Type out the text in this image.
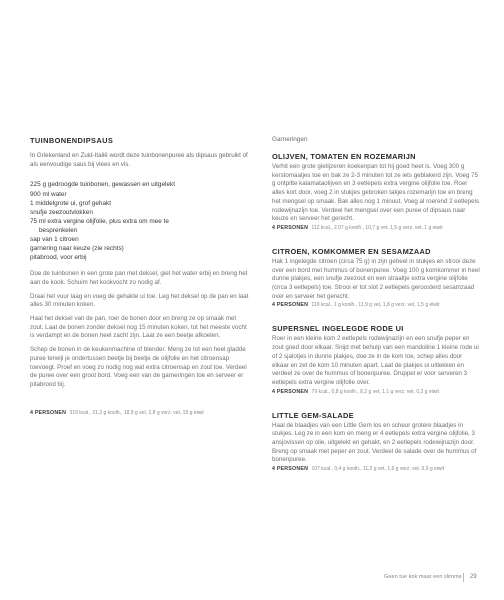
TUINBONENDIPSAUS

In Griekenland en Zuid-Italië wordt deze tuinbonenpuree als dipsaus gebruikt of als eenvoudige saus bij vlees en vis.

225 g gedroogde tuinbonen, gewassen en uitgelekt

900 ml water

1 middelgrote ui, grof gehakt

snufje zeezoutvlokken

75 ml extra vergine olijfolie, plus extra om mee te

besprenkelen

sap van 1 citroen

garnering naar keuze (zie rechts)

pitabrood, voor erbij

Doe de tuinbonen in een grote pan met deksel, giet het water erbij en breng het aan de kook. Schuim het kookvocht zo nodig af.

Draai het vuur laag en voeg de gehakte ui toe. Leg het deksel op de pan en laat alles 30 minuten koken.

Haal het deksel van de pan, roer de bonen door en breng ze op smaak met zout. Laat de bonen zonder deksel nog 15 minuten koken, tot het meeste vocht is verdampt en de bonen heel zacht zijn. Laat ze een beetje afkoelen.

Schep de bonen in de keukenmachine of blender. Meng ze tot een heel gladde puree terwijl je ondertussen beetje bij beetje de olijfolie en het citroensap toevoegt. Proef en voeg zo nodig nog wat extra citroensap en zout toe. Verdeel de puree over een groot bord. Voeg een van de garneringen toe en serveer er pitabrood bij.

4 PERSONEN 319 kcal., 21,3 g koolh., 18,9 g vet, 2,8 g verz. vet, 15 g eiwit

Garneringen

OLIJVEN, TOMATEN EN ROZEMARIJN

Verhit een grote gietijzeren koekenpan tot hij goed heet is. Voeg 300 g kerstomaatjes toe en bak ze 2-3 minuten tot ze iets geblakerd zijn. Voeg 75 g ontpitte kalamataolijven en 3 eetlepels extra vergine olijfolie toe. Roer alles kort door, voeg 2 in stukjes gebroken takjes rozemarijn toe en breng het mengsel op smaak. Bak alles nog 1 minuut. Voeg al roerend 2 eetlepels rodewijnazijn toe. Verdeel het mengsel over een puree of dipsaus naar keuze en serveer het gerecht.

4 PERSONEN 112 kcal., 2,07 g koolh., 10,7 g vet, 1,5 g verz. vet, 1 g eiwit

CITROEN, KOMKOMMER EN SESAMZAAD

Hak 1 ingelegde citroen (circa 75 g) in zijn geheel in stukjes en strooi deze over een bord met hummus of bonenpuree. Voeg 100 g komkommer in heel dunne plakjes, een snufje zeezout en een straaltje extra vergine olijfolie (circa 3 eetlepels) toe. Strooi er tot slot 2 eetlepels geroosterd sesamzaad over en serveer het gerecht.

4 PERSONEN 119 kcal., 1 g koolh., 11,9 g vet, 1,8 g verz. vet, 1,5 g eiwit

SUPERSNEL INGELEGDE RODE UI

Roer in een kleine kom 2 eetlepels rodewijnazijn en een snufje peper en zout goed door elkaar. Snijd met behulp van een mandoline 1 kleine rode ui of 2 sjalotjes in dunne plakjes, doe ze in de kom toe, schep alles door elkaar en zet de kom 10 minuten apart. Laat de plakjes ui uitlekken en verdeel ze over de hummus of bonenpuree. Druppel er voor serveren 3 eetlepels extra vergine olijfolie over.

4 PERSONEN 79 kcal., 0,8 g koolh., 8,2 g vet, 1,1 g verz. vet, 0,2 g eiwit

LITTLE GEM-SALADE

Haal de blaadjes van een Little Gem los en scheur grotere blaadjes in stukjes. Leg ze in een kom en meng er 4 eetlepels extra vergine olijfolie, 3 ansjovissen op olie, uitgelekt en gehakt, en 2 eetlepels rodewijnazijn door. Breng op smaak met peper en zout. Verdeel de salade over de hummus of bonenpuree.

4 PERSONEN 107 kcal., 0,4 g koolh., 11,2 g vet, 1,6 g verz. vet, 0,9 g eiwit

Geen tue kok maar een slimme	29
